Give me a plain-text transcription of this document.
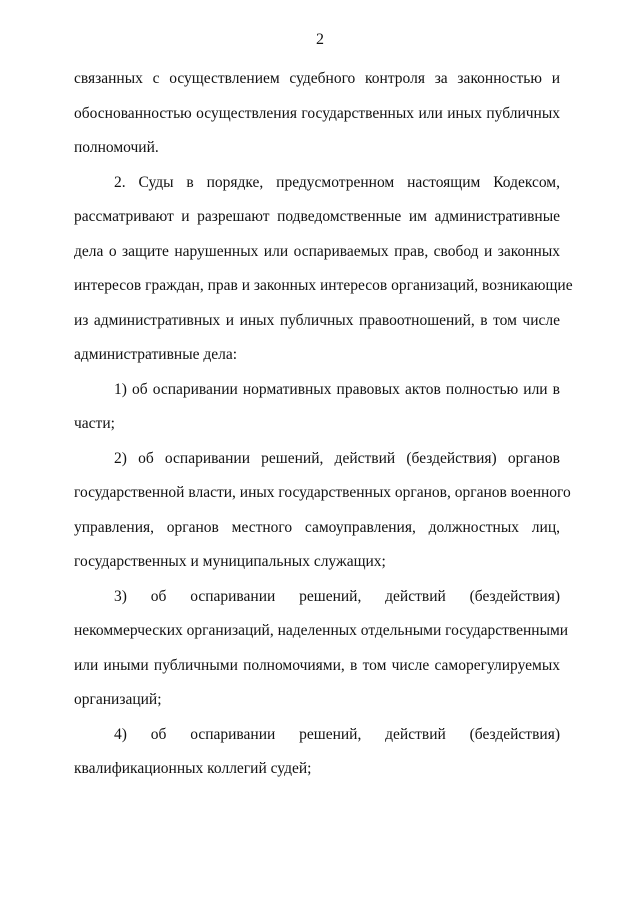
2
связанных с осуществлением судебного контроля за законностью и
обоснованностью осуществления государственных или иных публичных
полномочий.
2. Суды в порядке, предусмотренном настоящим Кодексом,
рассматривают и разрешают подведомственные им административные
дела о защите нарушенных или оспариваемых прав, свобод и законных
интересов граждан, прав и законных интересов организаций, возникающие
из административных и иных публичных правоотношений, в том числе
административные дела:
1) об оспаривании нормативных правовых актов полностью или в
части;
2) об оспаривании решений, действий (бездействия) органов
государственной власти, иных государственных органов, органов военного
управления, органов местного самоуправления, должностных лиц,
государственных и муниципальных служащих;
3) об оспаривании решений, действий (бездействия)
некоммерческих организаций, наделенных отдельными государственными
или иными публичными полномочиями, в том числе саморегулируемых
организаций;
4) об оспаривании решений, действий (бездействия)
квалификационных коллегий судей;
